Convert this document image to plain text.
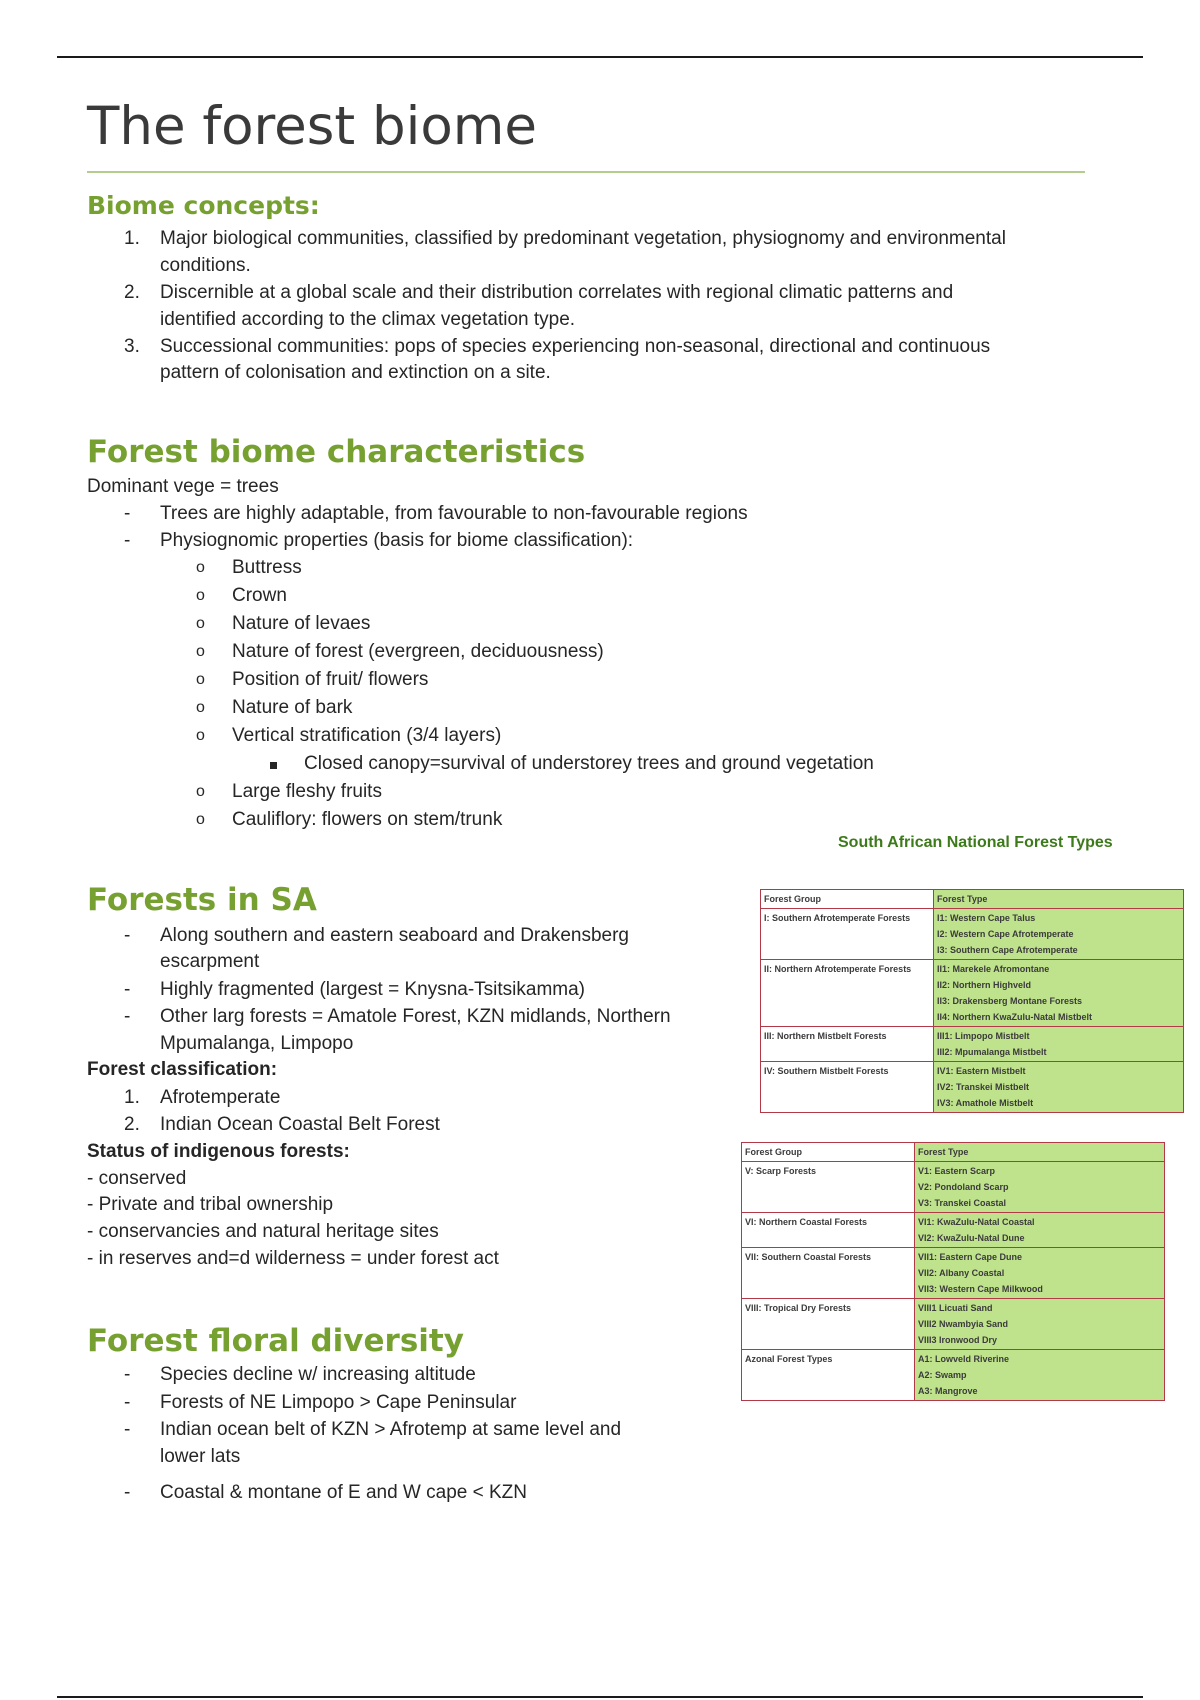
The forest biome
Biome concepts:
1. Major biological communities, classified by predominant vegetation, physiognomy and environmental
conditions.
2. Discernible at a global scale and their distribution correlates with regional climatic patterns and
identified according to the climax vegetation type.
3. Successional communities: pops of species experiencing non-seasonal, directional and continuous
pattern of colonisation and extinction on a site.
Forest biome characteristics
Dominant vege = trees
- Trees are highly adaptable, from favourable to non-favourable regions
- Physiognomic properties (basis for biome classification):
o Buttress
o Crown
o Nature of levaes
o Nature of forest (evergreen, deciduousness)
o Position of fruit/ flowers
o Nature of bark
o Vertical stratification (3/4 layers)
Closed canopy=survival of understorey trees and ground vegetation
o Large fleshy fruits
o Cauliflory: flowers on stem/trunk
Forests in SA
- Along southern and eastern seaboard and Drakensberg
escarpment
- Highly fragmented (largest = Knysna-Tsitsikamma)
- Other larg forests = Amatole Forest, KZN midlands, Northern
Mpumalanga, Limpopo
Forest classification:
1. Afrotemperate
2. Indian Ocean Coastal Belt Forest
Status of indigenous forests:
- conserved
- Private and tribal ownership
- conservancies and natural heritage sites
- in reserves and=d wilderness = under forest act
Forest floral diversity
- Species decline w/ increasing altitude
- Forests of NE Limpopo > Cape Peninsular
- Indian ocean belt of KZN > Afrotemp at same level and
lower lats
- Coastal & montane of E and W cape < KZN
South African National Forest Types
Forest Group	Forest Type
I: Southern Afrotemperate Forests	I1: Western Cape Talus
I2: Western Cape Afrotemperate
I3: Southern Cape Afrotemperate

II: Northern Afrotemperate Forests	II1: Marekele Afromontane
II2: Northern Highveld
II3: Drakensberg Montane Forests
II4: Northern KwaZulu-Natal Mistbelt

III: Northern Mistbelt Forests	III1: Limpopo Mistbelt
III2: Mpumalanga Mistbelt

IV: Southern Mistbelt Forests	IV1: Eastern Mistbelt
IV2: Transkei Mistbelt
IV3: Amathole Mistbelt
Forest Group	Forest Type
V: Scarp Forests	V1: Eastern Scarp
V2: Pondoland Scarp
V3: Transkei Coastal

VI: Northern Coastal Forests	VI1: KwaZulu-Natal Coastal
VI2: KwaZulu-Natal Dune

VII: Southern Coastal Forests	VII1: Eastern Cape Dune
VII2: Albany Coastal
VII3: Western Cape Milkwood

VIII: Tropical Dry Forests	VIII1 Licuati Sand
VIII2 Nwambyia Sand
VIII3 Ironwood Dry

Azonal Forest Types	A1: Lowveld Riverine
A2: Swamp
A3: Mangrove
